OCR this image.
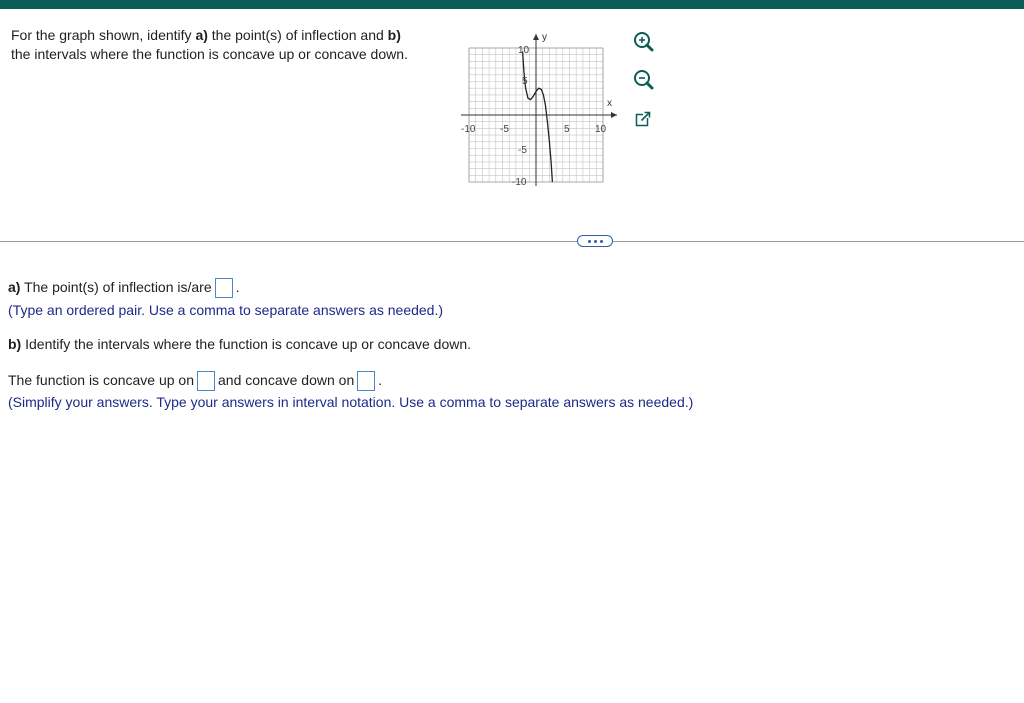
For the graph shown, identify a) the point(s) of inflection and b) the intervals where the function is concave up or concave down.
x
y
-10 -5	5	10
10
5
-5
-10
a) The point(s) of inflection is/are .
(Type an ordered pair. Use a comma to separate answers as needed.)
b) Identify the intervals where the function is concave up or concave down.
The function is concave up on and concave down on .
(Simplify your answers. Type your answers in interval notation. Use a comma to separate answers as needed.)
